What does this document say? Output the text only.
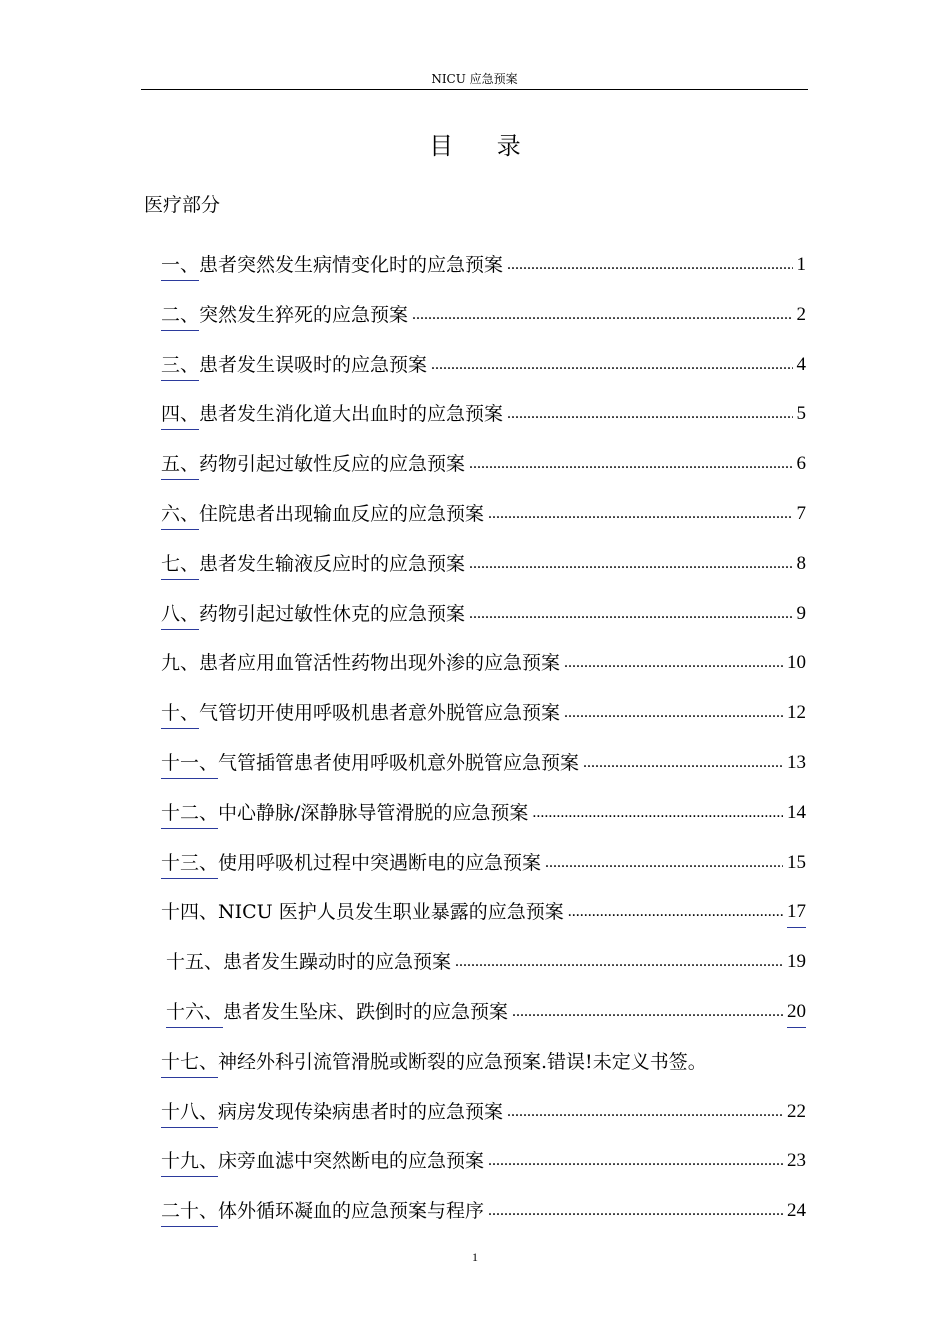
NICU 应急预案
目 录
医疗部分
一、 患者突然发生病情变化时的应急预案 .....	1
二、 突然发生猝死的应急预案 .....	2
三、 患者发生误吸时的应急预案 .....	4
四、 患者发生消化道大出血时的应急预案 .....	5
五、 药物引起过敏性反应的应急预案 .....	6
六、 住院患者出现输血反应的应急预案 .....	7
七、 患者发生输液反应时的应急预案 .....	8
八、 药物引起过敏性休克的应急预案 .....	9
九、 患者应用血管活性药物出现外渗的应急预案 .....	10
十、 气管切开使用呼吸机患者意外脱管应急预案 .....	12
十一、 气管插管患者使用呼吸机意外脱管应急预案 .....	13
十二、 中心静脉/深静脉导管滑脱的应急预案 .....	14
十三、 使用呼吸机过程中突遇断电的应急预案 .....	15
十四、 NICU 医护人员发生职业暴露的应急预案 .....	17
十五、 患者发生躁动时的应急预案 .....	19
十六、 患者发生坠床、跌倒时的应急预案 .....	20
十七、 神经外科引流管滑脱或断裂的应急预案.错误!未定义书签。
十八、 病房发现传染病患者时的应急预案 .....	22
十九、 床旁血滤中突然断电的应急预案 .....	23
二十、 体外循环凝血的应急预案与程序 .....	24
1
